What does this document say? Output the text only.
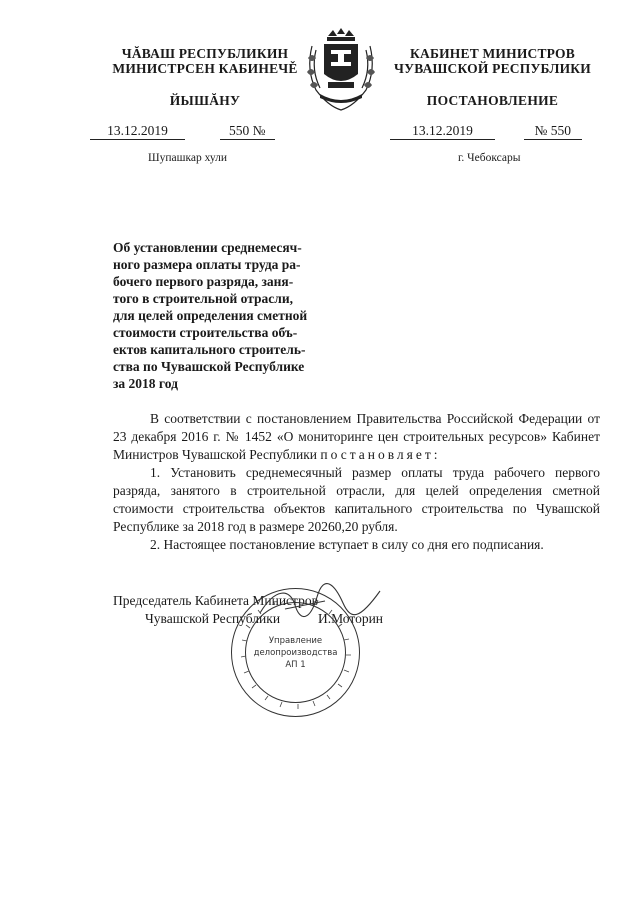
ЧĂВАШ РЕСПУБЛИКИН
МИНИСТРСЕН КАБИНЕЧĚ
КАБИНЕТ МИНИСТРОВ
ЧУВАШСКОЙ РЕСПУБЛИКИ
ЙЫШĂНУ	ПОСТАНОВЛЕНИЕ
13.12.2019	550 №	13.12.2019	№ 550
Шупашкар хули	г. Чебоксары
Об установлении среднемесяч-
ного размера оплаты труда ра-
бочего первого разряда, заня-
того в строительной отрасли,
для целей определения сметной
стоимости строительства объ-
ектов капитального строитель-
ства по Чувашской Республике
за 2018 год

В соответствии с постановлением Правительства Российской Федерации от 23 декабря 2016 г. № 1452 «О мониторинге цен строительных ресурсов» Кабинет Министров Чувашской Республики постановляет:

1. Установить среднемесячный размер оплаты труда рабочего первого разряда, занятого в строительной отрасли, для целей определения сметной стоимости строительства объектов капитального строительства по Чувашской Республике за 2018 год в размере 20260,20 рубля.

2. Настоящее постановление вступает в силу со дня его подписания.

Председатель Кабинета Министров
Чувашской Республики	И.Моторин
Управление
делопроизводства
АП 1
